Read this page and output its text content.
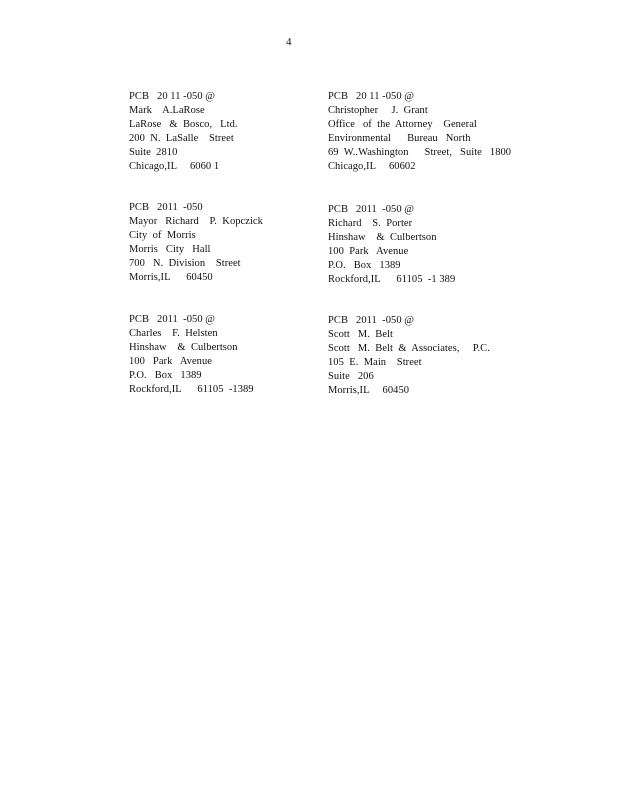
4
PCB   20 11 -050 @
Mark    A.LaRose
LaRose   &  Bosco,   Ltd.
200  N.  LaSalle    Street
Suite  2810
Chicago,IL     6060 1
PCB   20 11 -050 @
Christopher     J.  Grant
Office   of  the  Attorney    General
Environmental      Bureau   North
69  W..Washington      Street,   Suite   1800
Chicago,IL     60602
PCB   2011  -050
Mayor   Richard    P.  Kopczick
City  of  Morris
Morris   City   Hall
700   N.  Division    Street
Morris,IL      60450
PCB   2011  -050 @
Richard    S.  Porter
Hinshaw    &  Culbertson
100  Park   Avenue
P.O.   Box   1389
Rockford,IL      61105  -1 389
PCB   2011  -050 @
Charles    F.  Helsten
Hinshaw    &  Culbertson
100   Park   Avenue
P.O.   Box   1389
Rockford,IL      61105  -1389
PCB   2011  -050 @
Scott   M.  Belt
Scott   M.  Belt  &  Associates,     P.C.
105  E.  Main    Street
Suite   206
Morris,IL     60450
